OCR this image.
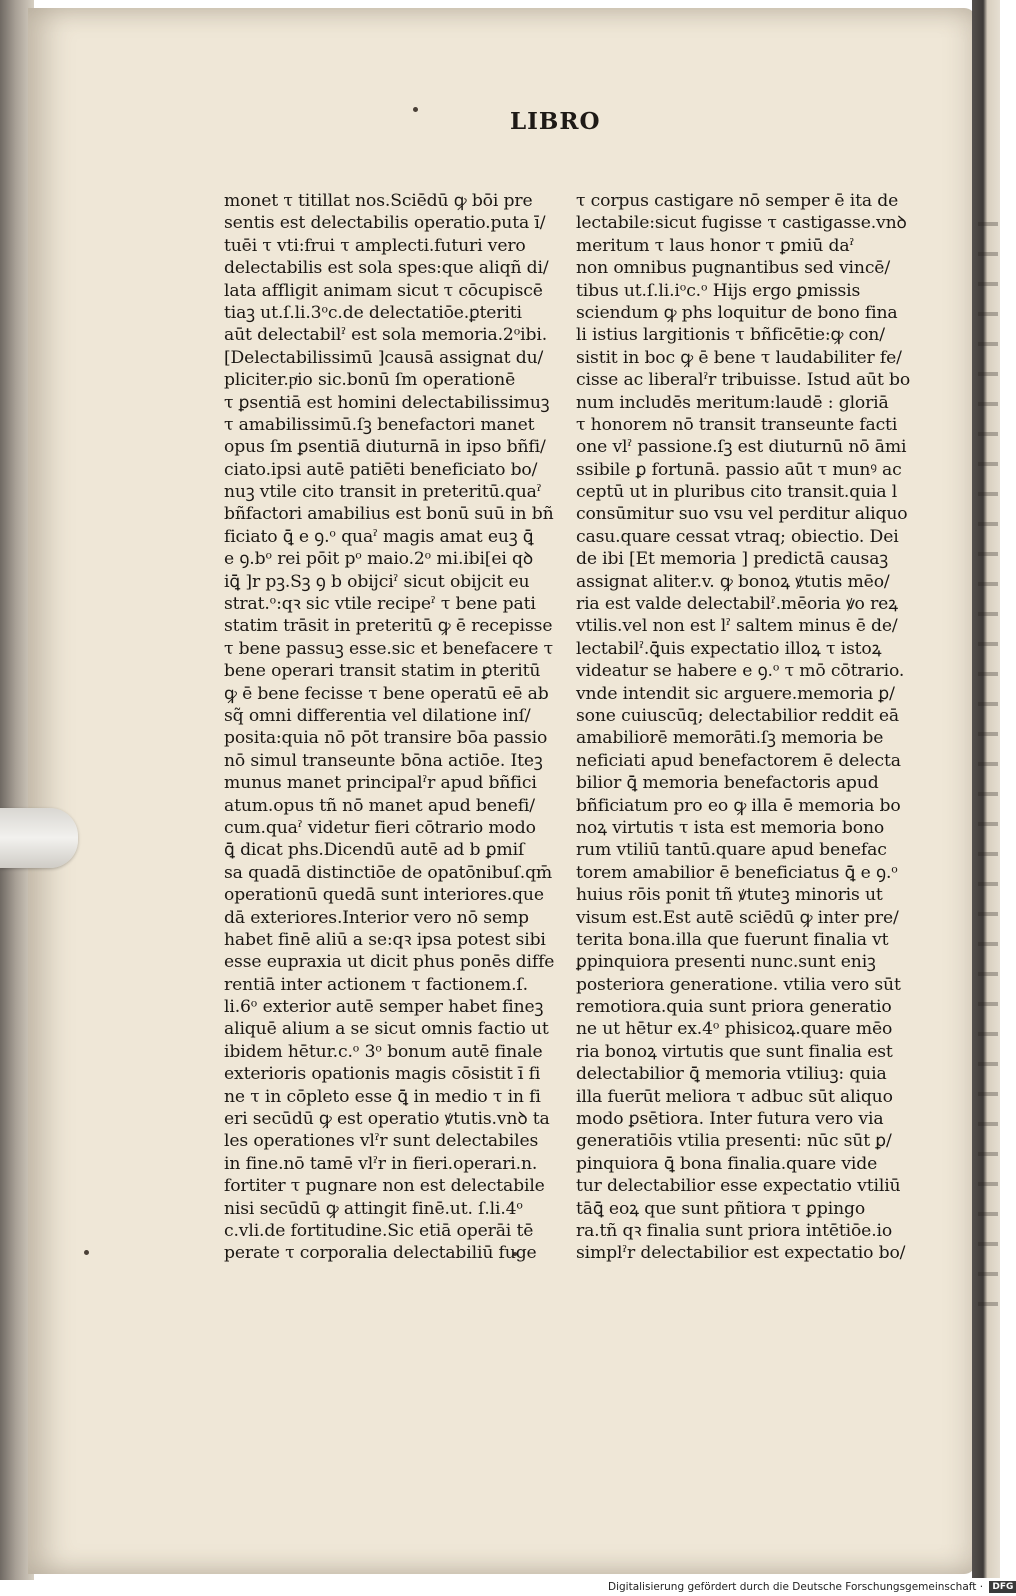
LIBRO
monet τ titillat nos.Sciēdū ꝙ bōi pre
sentis est delectabilis operatio.puta ī/
tuēi τ vti:frui τ amplecti.futuri vero
delectabilis est sola spes:que aliqñ di/
lata affligit animam sicut τ cōcupiscē
tiaꝫ ut.ſ.li.3ᵒc.de delectatiōe.ꝑteriti
aūt delectabilˀ est sola memoria.2ᵒibi.
[Delectabilissimū ]causā assignat du/
pliciter.pͬio sic.bonū ſm operationē
τ ꝑsentiā est homini delectabilissimuꝫ
τ amabilissimū.ſꝫ benefactori manet
opus ſm ꝑsentiā diuturnā in ipso bñfi/
ciato.ipsi autē patiēti beneficiato bo/
nuꝫ vtile cito transit in preteritū.quaˀ
bñfactori amabilius est bonū suū in bñ
ficiato ꝗ̄ e ꝯ.ᵒ quaˀ magis amat euꝫ ꝗ̄
e ꝯ.bᵒ rei pōit pᵒ maio.2ᵒ mi.ibi[ei qꝺ
iꝗ̄ ]r pꝫ.Sꝫ ꝯ b obijciˀ sicut obijcit eu
strat.ᵒ:qꝛ sic vtile recipeˀ τ bene pati
statim trāsit in preteritū ꝙ ē recepisse
τ bene passuꝫ esse.sic et benefacere τ
bene operari transit statim in ꝑteritū
ꝙ ē bene fecisse τ bene operatū eē ab
sq̃ omni differentia vel dilatione inſ/
posita:quia nō pōt transire bōa passio
nō simul transeunte bōna actiōe. Iteꝫ
munus manet principalˀr apud bñfici
atum.opus tñ nō manet apud benefi/
cum.quaˀ videtur fieri cōtrario modo
ꝗ̄ dicat phs.Dicendū autē ad b ꝑmiſ
sa quadā distinctiōe de opatōnibuſ.qm̄
operationū quedā sunt interiores.que
dā exteriores.Interior vero nō semp
habet finē aliū a se:qꝛ ipsa potest sibi
esse eupraxia ut dicit phus ponēs diffe
rentiā inter actionem τ factionem.ſ.
li.6ᵒ exterior autē semper habet fineꝫ
aliquē alium a se sicut omnis factio ut
ibidem hētur.c.ᵒ 3ᵒ bonum autē finale
exterioris opationis magis cōsistit ī fi
ne τ in cōpleto esse ꝗ̄ in medio τ in fi
eri secūdū ꝙ est operatio ꝟtutis.vnꝺ ta
les operationes vlˀr sunt delectabiles
in fine.nō tamē vlˀr in fieri.operari.n.
fortiter τ pugnare non est delectabile
nisi secūdū ꝙ attingit finē.ut. ſ.li.4ᵒ
c.vli.de fortitudine.Sic etiā operāi tē
perate τ corporalia delectabiliū fuge
τ corpus castigare nō semper ē ita de
lectabile:sicut fugisse τ castigasse.vnꝺ
meritum τ laus honor τ ꝑmiū daˀ
non omnibus pugnantibus sed vincē/
tibus ut.ſ.li.iᵒc.ᵒ Hijs ergo ꝑmissis
sciendum ꝙ phs loquitur de bono fina
li istius largitionis τ bñficētie:ꝙ con/
sistit in boc ꝙ ē bene τ laudabiliter fe/
cisse ac liberalˀr tribuisse. Istud aūt bo
num includēs meritum:laudē : gloriā
τ honorem nō transit transeunte facti
one vlˀ passione.ſꝫ est diuturnū nō āmi
ssibile ꝑ fortunā. passio aūt τ munꝰ ac
ceptū ut in pluribus cito transit.quia l
consūmitur suo vsu vel perditur aliquo
casu.quare cessat vtraq; obiectio. Dei
de ibi [Et memoria ] predictā causaꝫ
assignat aliter.v. ꝙ bonoꝝ ꝟtutis mēo/
ria est valde delectabilˀ.mēoria ꝟo reꝝ
vtilis.vel non est lˀ saltem minus ē de/
lectabilˀ.ꝗ̄uis expectatio illoꝝ τ istoꝝ
videatur se habere e ꝯ.ᵒ τ mō cōtrario.
vnde intendit sic arguere.memoria ꝑ/
sone cuiuscūq; delectabilior reddit eā
amabiliorē memorāti.ſꝫ memoria be
neficiati apud benefactorem ē delecta
bilior ꝗ̄ memoria benefactoris apud
bñficiatum pro eo ꝙ illa ē memoria bo
noꝝ virtutis τ ista est memoria bono
rum vtiliū tantū.quare apud benefac
torem amabilior ē beneficiatus ꝗ̄ e ꝯ.ᵒ
huius rōis ponit tñ ꝟtuteꝫ minoris ut
visum est.Est autē sciēdū ꝙ inter pre/
terita bona.illa que fuerunt finalia vt
ꝑpinquiora presenti nunc.sunt eniꝫ
posteriora generatione. vtilia vero sūt
remotiora.quia sunt priora generatio
ne ut hētur ex.4ᵒ phisicoꝝ.quare mēo
ria bonoꝝ virtutis que sunt finalia est
delectabilior ꝗ̄ memoria vtiliuꝫ: quia
illa fuerūt meliora τ adbuc sūt aliquo
modo ꝑsētiora. Inter futura vero via
generatiōis vtilia presenti: nūc sūt ꝑ/
pinquiora ꝗ̄ bona finalia.quare vide
tur delectabilior esse expectatio vtiliū
tāꝗ̄ eoꝝ que sunt pñtiora τ ꝑpingo
ra.tñ qꝛ finalia sunt priora intētiōe.io
simplˀr delectabilior est expectatio bo/
Digitalisierung gefördert durch die Deutsche Forschungsgemeinschaft · DFG
